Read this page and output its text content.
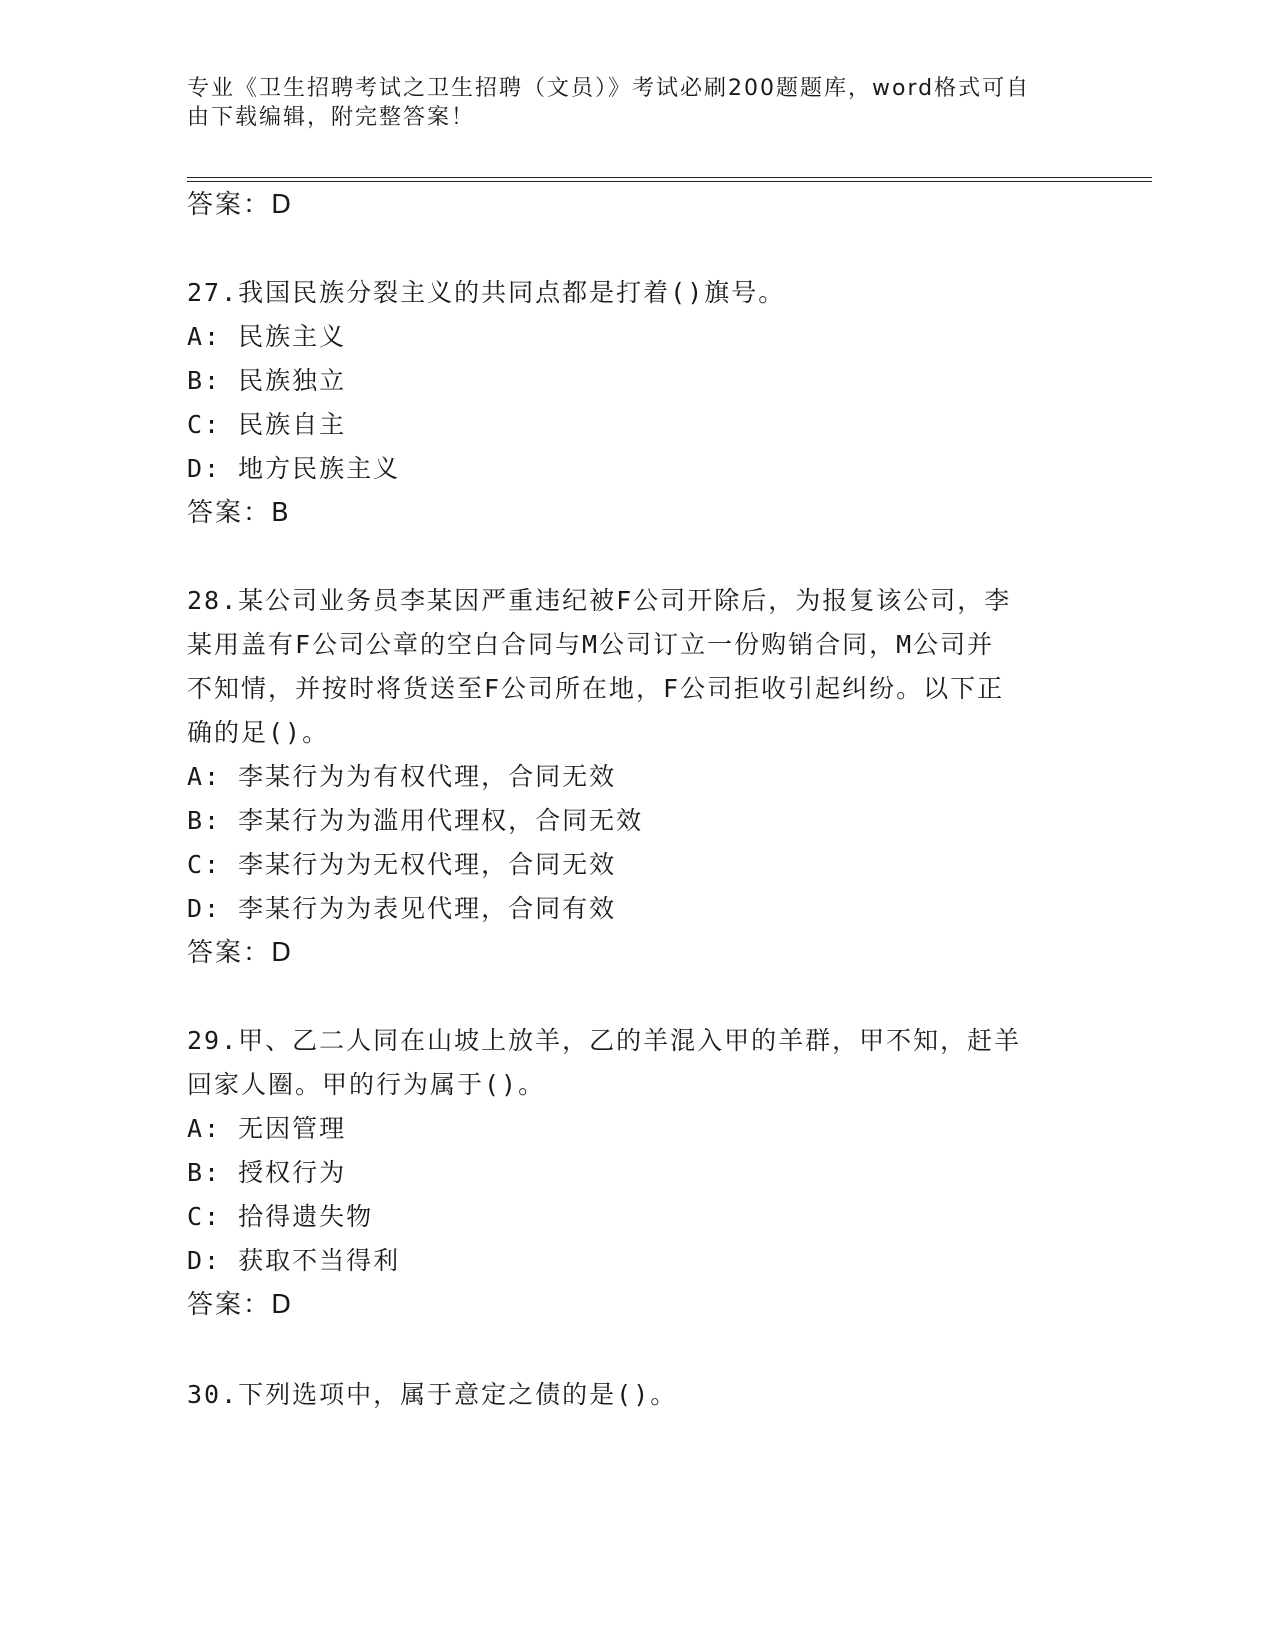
专业《卫生招聘考试之卫生招聘（文员）》考试必刷200题题库，word格式可自
由下载编辑，附完整答案！
答案：D
27.我国民族分裂主义的共同点都是打着()旗号。
A: 民族主义
B: 民族独立
C: 民族自主
D: 地方民族主义
答案：B
28.某公司业务员李某因严重违纪被F公司开除后，为报复该公司，李
某用盖有F公司公章的空白合同与M公司订立一份购销合同，M公司并
不知情，并按时将货送至F公司所在地，F公司拒收引起纠纷。以下正
确的足()。
A: 李某行为为有权代理，合同无效
B: 李某行为为滥用代理权，合同无效
C: 李某行为为无权代理，合同无效
D: 李某行为为表见代理，合同有效
答案：D
29.甲、乙二人同在山坡上放羊，乙的羊混入甲的羊群，甲不知，赶羊
回家人圈。甲的行为属于()。
A: 无因管理
B: 授权行为
C: 拾得遗失物
D: 获取不当得利
答案：D
30.下列选项中，属于意定之债的是()。
